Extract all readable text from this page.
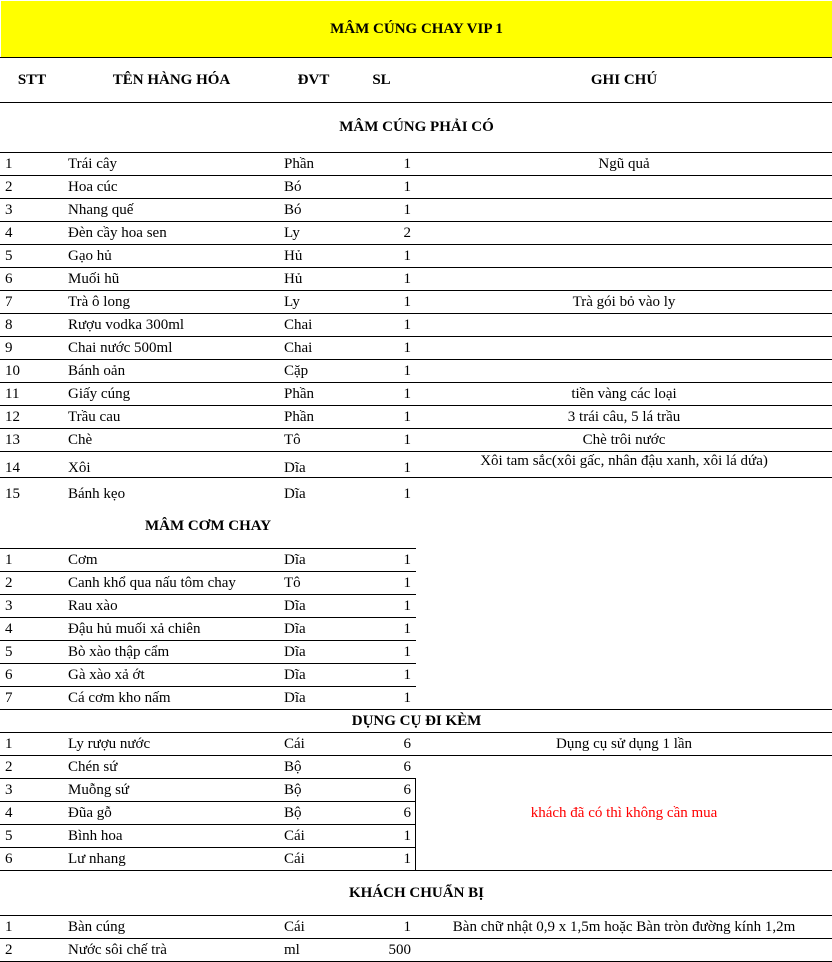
MÂM CÚNG CHAY VIP 1				
STT	TÊN HÀNG HÓA	ĐVT	SL	GHI CHÚ
MÂM CÚNG PHẢI CÓ				
1	Trái cây	Phần	1	Ngũ quả
2	Hoa cúc	Bó	1	
3	Nhang quế	Bó	1	
4	Đèn cầy hoa sen	Ly	2	
5	Gạo hủ	Hủ	1	
6	Muối hũ	Hủ	1	
7	Trà ô long	Ly	1	Trà gói bỏ vào ly
8	Rượu vodka 300ml	Chai	1	
9	Chai nước 500ml	Chai	1	
10	Bánh oản	Cặp	1	
11	Giấy cúng	Phần	1	tiền vàng các loại
12	Trầu cau	Phần	1	3 trái câu, 5 lá trầu
13	Chè	Tô	1	Chè trôi nước
14	Xôi	Dĩa	1	Xôi tam sắc(xôi gấc, nhân đậu xanh, xôi lá dứa)
15	Bánh kẹo	Dĩa	1	
MÂM CƠM CHAY				
1	Cơm	Dĩa	1	
2	Canh khổ qua nấu tôm chay	Tô	1	
3	Rau xào	Dĩa	1	
4	Đậu hủ muối xả chiên	Dĩa	1	
5	Bò xào thập cẩm	Dĩa	1	
6	Gà xào xả ớt	Dĩa	1	
7	Cá cơm kho nấm	Dĩa	1	
DỤNG CỤ ĐI KÈM				
1	Ly rượu nước	Cái	6	Dụng cụ sử dụng 1 lần
2	Chén sứ	Bộ	6	khách đã có thì không cần mua
3	Muỗng sứ	Bộ	6	
4	Đũa gỗ	Bộ	6	
5	Bình hoa	Cái	1	
6	Lư nhang	Cái	1	
KHÁCH CHUẨN BỊ				
1	Bàn cúng	Cái	1	Bàn chữ nhật 0,9 x 1,5m hoặc Bàn tròn đường kính 1,2m
2	Nước sôi chế trà	ml	500	
